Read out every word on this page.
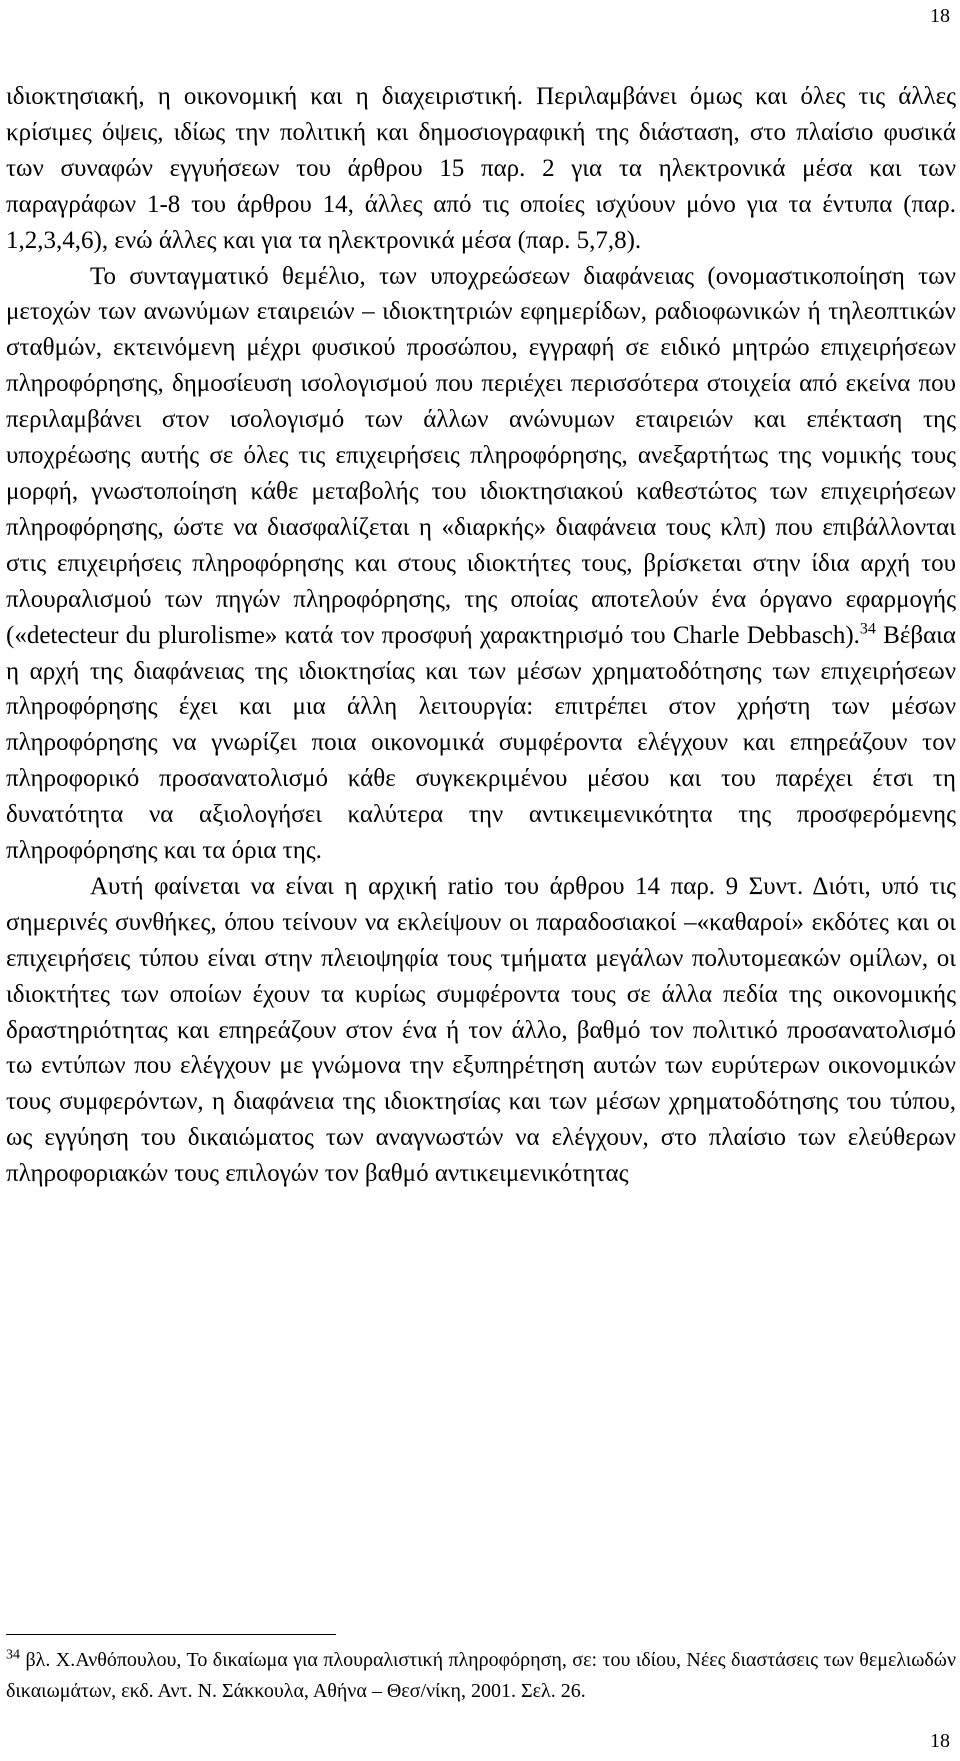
18

ιδιοκτησιακή, η οικονομική και η διαχειριστική. Περιλαμβάνει όμως και όλες τις άλλες κρίσιμες όψεις, ιδίως την πολιτική και δημοσιογραφική της διάσταση, στο πλαίσιο φυσικά των συναφών εγγυήσεων του άρθρου 15 παρ. 2 για τα ηλεκτρονικά μέσα και των παραγράφων 1-8 του άρθρου 14, άλλες από τις οποίες ισχύουν μόνο για τα έντυπα (παρ. 1,2,3,4,6), ενώ άλλες και για τα ηλεκτρονικά μέσα (παρ. 5,7,8).

Το συνταγματικό θεμέλιο, των υποχρεώσεων διαφάνειας (ονομαστικοποίηση των μετοχών των ανωνύμων εταιρειών – ιδιοκτητριών εφημερίδων, ραδιοφωνικών ή τηλεοπτικών σταθμών, εκτεινόμενη μέχρι φυσικού προσώπου, εγγραφή σε ειδικό μητρώο επιχειρήσεων πληροφόρησης, δημοσίευση ισολογισμού που περιέχει περισσότερα στοιχεία από εκείνα που περιλαμβάνει στον ισολογισμό των άλλων ανώνυμων εταιρειών και επέκταση της υποχρέωσης αυτής σε όλες τις επιχειρήσεις πληροφόρησης, ανεξαρτήτως της νομικής τους μορφή, γνωστοποίηση κάθε μεταβολής του ιδιοκτησιακού καθεστώτος των επιχειρήσεων πληροφόρησης, ώστε να διασφαλίζεται η «διαρκής» διαφάνεια τους κλπ) που επιβάλλονται στις επιχειρήσεις πληροφόρησης και στους ιδιοκτήτες τους, βρίσκεται στην ίδια αρχή του πλουραλισμού των πηγών πληροφόρησης, της οποίας αποτελούν ένα όργανο εφαρμογής («detecteur du plurolisme» κατά τον προσφυή χαρακτηρισμό του Charle Debbasch).$^{34}$ Βέβαια η αρχή της διαφάνειας της ιδιοκτησίας και των μέσων χρηματοδότησης των επιχειρήσεων πληροφόρησης έχει και μια άλλη λειτουργία: επιτρέπει στον χρήστη των μέσων πληροφόρησης να γνωρίζει ποια οικονομικά συμφέροντα ελέγχουν και επηρεάζουν τον πληροφορικό προσανατολισμό κάθε συγκεκριμένου μέσου και του παρέχει έτσι τη δυνατότητα να αξιολογήσει καλύτερα την αντικειμενικότητα της προσφερόμενης πληροφόρησης και τα όρια της.

Αυτή φαίνεται να είναι η αρχική ratio του άρθρου 14 παρ. 9 Συντ. Διότι, υπό τις σημερινές συνθήκες, όπου τείνουν να εκλείψουν οι παραδοσιακοί –«καθαροί» εκδότες και οι επιχειρήσεις τύπου είναι στην πλειοψηφία τους τμήματα μεγάλων πολυτομεακών ομίλων, οι ιδιοκτήτες των οποίων έχουν τα κυρίως συμφέροντα τους σε άλλα πεδία της οικονομικής δραστηριότητας και επηρεάζουν στον ένα ή τον άλλο, βαθμό τον πολιτικό προσανατολισμό τω εντύπων που ελέγχουν με γνώμονα την εξυπηρέτηση αυτών των ευρύτερων οικονομικών τους συμφερόντων, η διαφάνεια της ιδιοκτησίας και των μέσων χρηματοδότησης του τύπου, ως εγγύηση του δικαιώματος των αναγνωστών να ελέγχουν, στο πλαίσιο των ελεύθερων πληροφοριακών τους επιλογών τον βαθμό αντικειμενικότητας

$^{34}$ βλ. Χ.Ανθόπουλου, Το δικαίωμα για πλουραλιστική πληροφόρηση, σε: του ιδίου, Νέες διαστάσεις των θεμελιωδών δικαιωμάτων, εκδ. Αντ. Ν. Σάκκουλα, Αθήνα – Θεσ/νίκη, 2001. Σελ. 26.

18
